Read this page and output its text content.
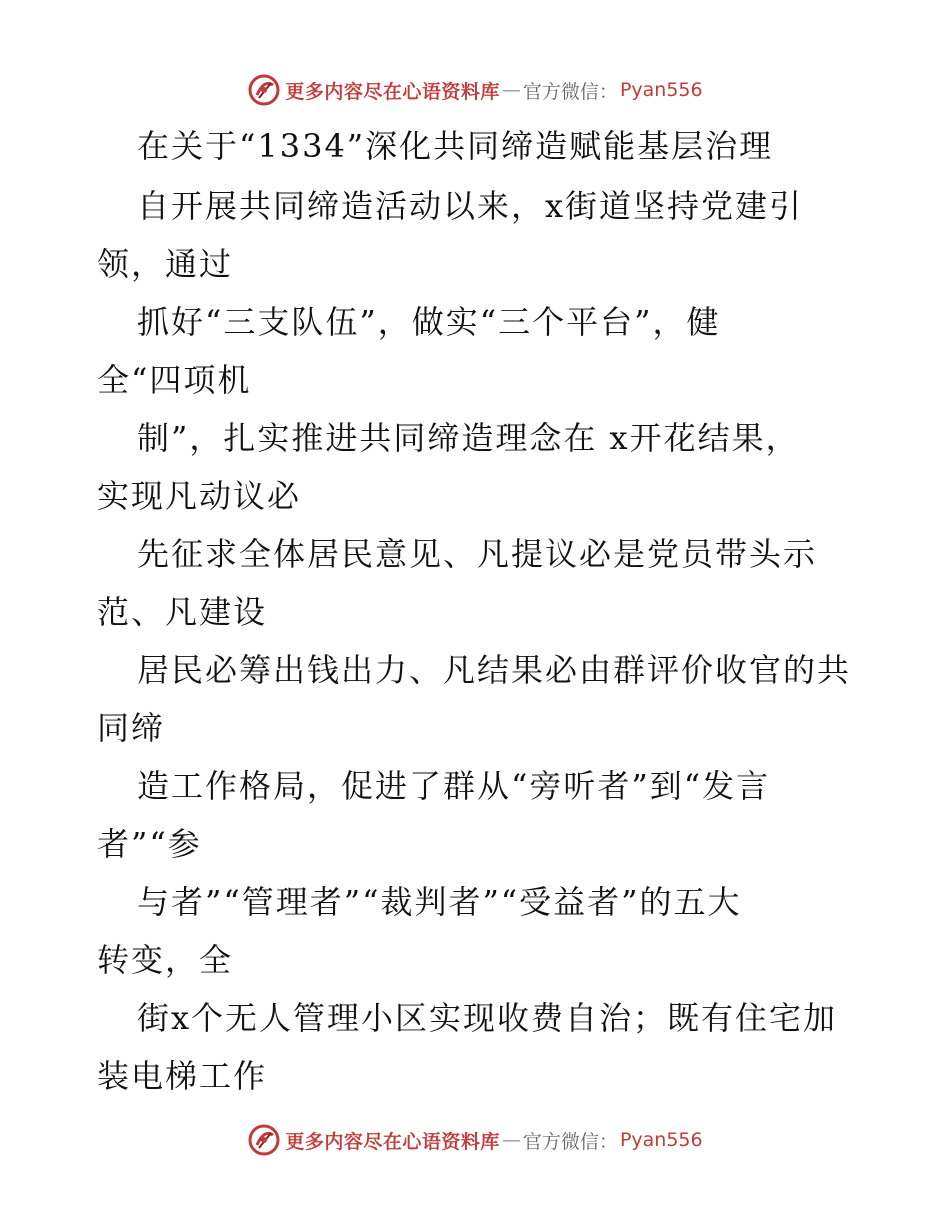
更多内容尽在心语资料库 — 官方微信： Pyan556
在关于“1334”深化共同缔造赋能基层治理
自开展共同缔造活动以来，x街道坚持党建引
领，通过
抓好“三支队伍”，做实“三个平台”，健
全“四项机
制”，扎实推进共同缔造理念在 x开花结果，
实现凡动议必
先征求全体居民意见、凡提议必是党员带头示
范、凡建设
居民必筹出钱出力、凡结果必由群评价收官的共
同缔
造工作格局，促进了群从“旁听者”到“发言
者”“参
与者”“管理者”“裁判者”“受益者”的五大
转变，全
街x个无人管理小区实现收费自治；既有住宅加
装电梯工作
更多内容尽在心语资料库 — 官方微信： Pyan556
